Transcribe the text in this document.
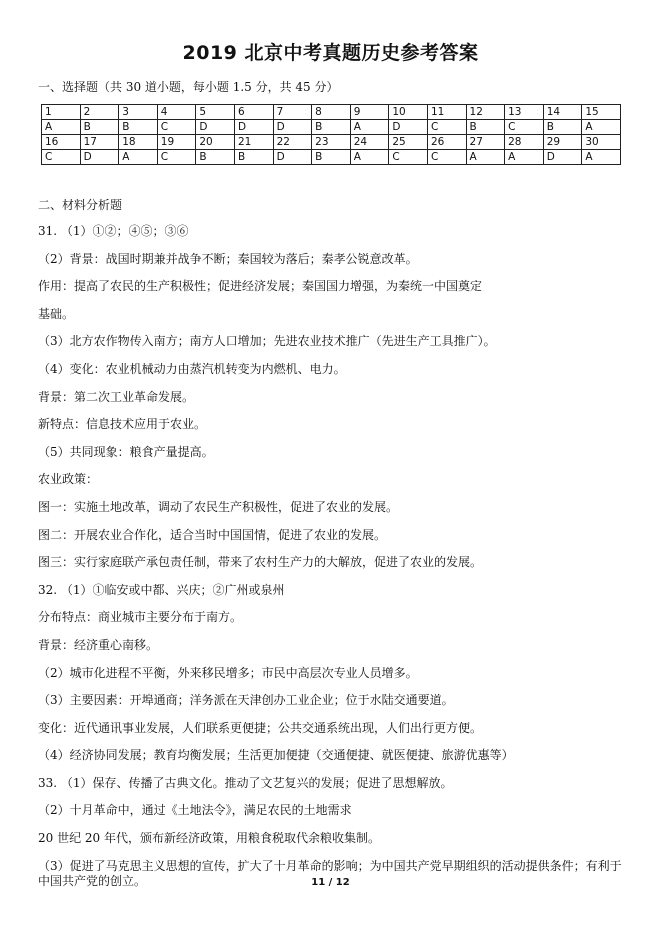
2019 北京中考真题历史参考答案
一、选择题（共 30 道小题，每小题 1.5 分，共 45 分）
1	2	3	4	5	6	7	8	9	10	11	12	13	14	15
A	B	B	C	D	D	D	B	A	D	C	B	C	B	A
16	17	18	19	20	21	22	23	24	25	26	27	28	29	30
C	D	A	C	B	B	D	B	A	C	C	A	A	D	A
二、材料分析题
31. （1）①②；④⑤；③⑥
（2）背景：战国时期兼并战争不断；秦国较为落后；秦孝公锐意改革。
作用：提高了农民的生产积极性；促进经济发展；秦国国力增强，为秦统一中国奠定
基础。
（3）北方农作物传入南方；南方人口增加；先进农业技术推广（先进生产工具推广）。
（4）变化：农业机械动力由蒸汽机转变为内燃机、电力。
背景：第二次工业革命发展。
新特点：信息技术应用于农业。
（5）共同现象：粮食产量提高。
农业政策：
图一：实施土地改革，调动了农民生产积极性，促进了农业的发展。
图二：开展农业合作化，适合当时中国国情，促进了农业的发展。
图三：实行家庭联产承包责任制，带来了农村生产力的大解放，促进了农业的发展。
32. （1）①临安或中都、兴庆；②广州或泉州
分布特点：商业城市主要分布于南方。
背景：经济重心南移。
（2）城市化进程不平衡，外来移民增多；市民中高层次专业人员增多。
（3）主要因素：开埠通商；洋务派在天津创办工业企业；位于水陆交通要道。
变化：近代通讯事业发展，人们联系更便捷；公共交通系统出现，人们出行更方便。
（4）经济协同发展；教育均衡发展；生活更加便捷（交通便捷、就医便捷、旅游优惠等）
33. （1）保存、传播了古典文化。推动了文艺复兴的发展；促进了思想解放。
（2）十月革命中，通过《土地法令》，满足农民的土地需求
20 世纪 20 年代，颁布新经济政策，用粮食税取代余粮收集制。
（3）促进了马克思主义思想的宣传，扩大了十月革命的影响；为中国共产党早期组织的活动提供条件；有利于中国共产党的创立。	11 / 12
